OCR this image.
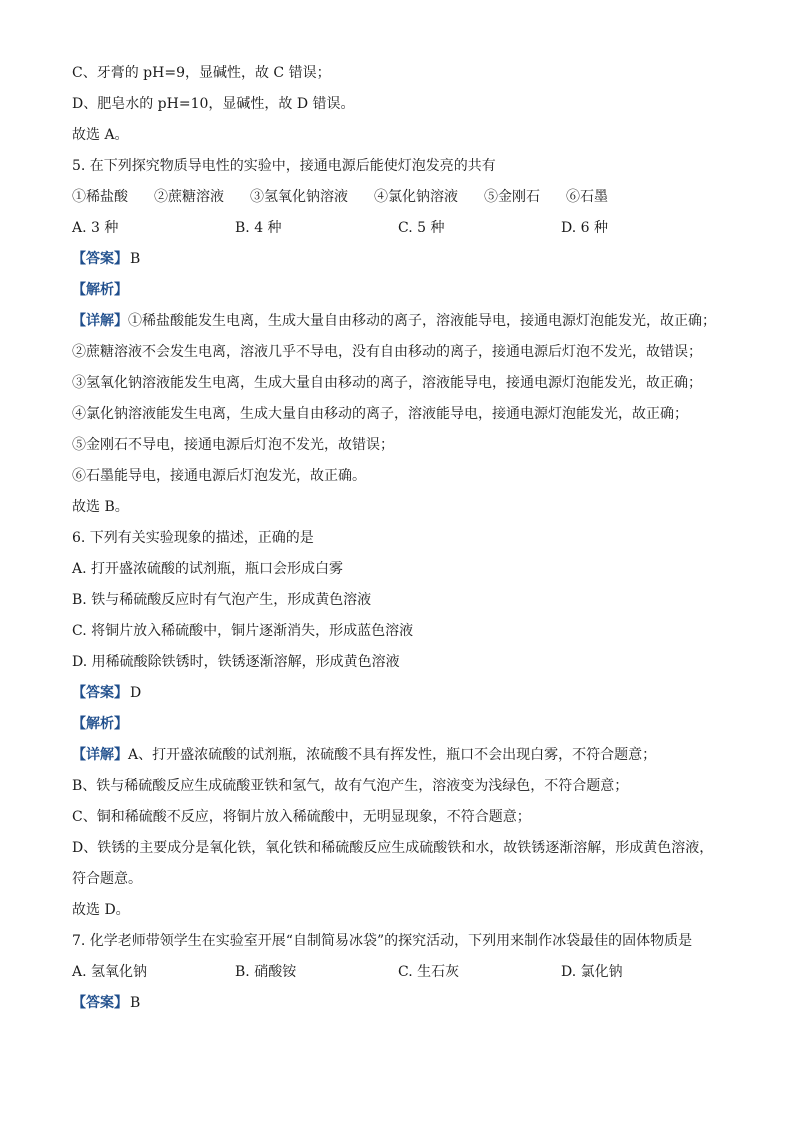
C、牙膏的 pH=9，显碱性，故 C 错误；
D、肥皂水的 pH=10，显碱性，故 D 错误。
故选 A。
5. 在下列探究物质导电性的实验中，接通电源后能使灯泡发亮的共有
①稀盐酸 ②蔗糖溶液 ③氢氧化钠溶液 ④氯化钠溶液 ⑤金刚石 ⑥石墨
A. 3 种	B. 4 种	C. 5 种	D. 6 种
【答案】 B
【解析】
【详解】①稀盐酸能发生电离，生成大量自由移动的离子，溶液能导电，接通电源灯泡能发光，故正确；
②蔗糖溶液不会发生电离，溶液几乎不导电，没有自由移动的离子，接通电源后灯泡不发光，故错误；
③氢氧化钠溶液能发生电离，生成大量自由移动的离子，溶液能导电，接通电源灯泡能发光，故正确；
④氯化钠溶液能发生电离，生成大量自由移动的离子，溶液能导电，接通电源灯泡能发光，故正确；
⑤金刚石不导电，接通电源后灯泡不发光，故错误；
⑥石墨能导电，接通电源后灯泡发光，故正确。
故选 B。
6. 下列有关实验现象的描述，正确的是
A. 打开盛浓硫酸的试剂瓶，瓶口会形成白雾
B. 铁与稀硫酸反应时有气泡产生，形成黄色溶液
C. 将铜片放入稀硫酸中，铜片逐渐消失，形成蓝色溶液
D. 用稀硫酸除铁锈时，铁锈逐渐溶解，形成黄色溶液
【答案】 D
【解析】
【详解】A、打开盛浓硫酸的试剂瓶，浓硫酸不具有挥发性，瓶口不会出现白雾，不符合题意；
B、铁与稀硫酸反应生成硫酸亚铁和氢气，故有气泡产生，溶液变为浅绿色，不符合题意；
C、铜和稀硫酸不反应，将铜片放入稀硫酸中，无明显现象，不符合题意；
D、铁锈的主要成分是氧化铁，氧化铁和稀硫酸反应生成硫酸铁和水，故铁锈逐渐溶解，形成黄色溶液，
符合题意。
故选 D。
7. 化学老师带领学生在实验室开展“自制简易冰袋”的探究活动，下列用来制作冰袋最佳的固体物质是
A. 氢氧化钠	B. 硝酸铵	C. 生石灰	D. 氯化钠
【答案】 B
